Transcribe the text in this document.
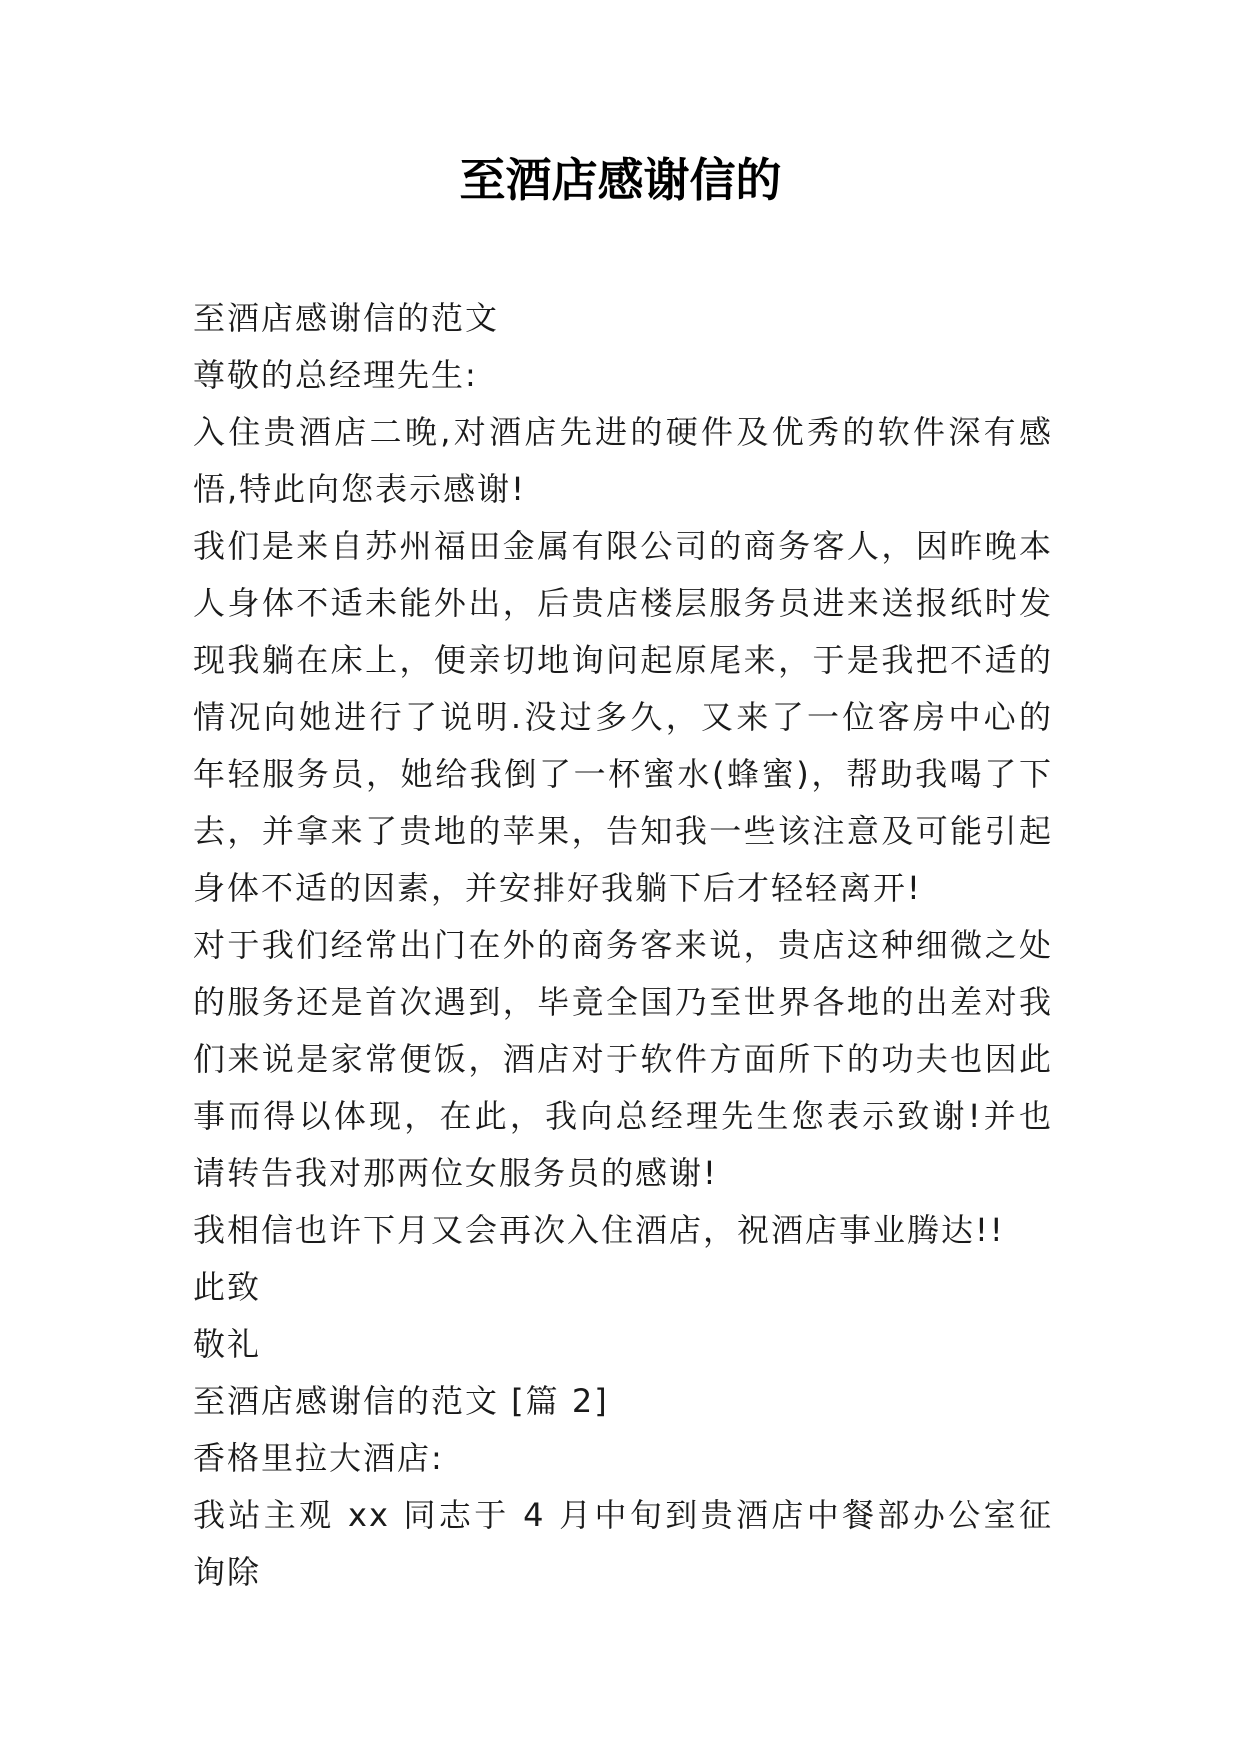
至酒店感谢信的

至酒店感谢信的范文

尊敬的总经理先生:

入住贵酒店二晚,对酒店先进的硬件及优秀的软件深有感悟,特此向您表示感谢!

我们是来自苏州福田金属有限公司的商务客人，因昨晚本人身体不适未能外出，后贵店楼层服务员进来送报纸时发现我躺在床上，便亲切地询问起原尾来，于是我把不适的情况向她进行了说明.没过多久，又来了一位客房中心的年轻服务员，她给我倒了一杯蜜水(蜂蜜)，帮助我喝了下去，并拿来了贵地的苹果，告知我一些该注意及可能引起身体不适的因素，并安排好我躺下后才轻轻离开!

对于我们经常出门在外的商务客来说，贵店这种细微之处的服务还是首次遇到，毕竟全国乃至世界各地的出差对我们来说是家常便饭，酒店对于软件方面所下的功夫也因此事而得以体现，在此，我向总经理先生您表示致谢!并也请转告我对那两位女服务员的感谢!

我相信也许下月又会再次入住酒店，祝酒店事业腾达!!

此致

敬礼

至酒店感谢信的范文 [篇 2]

香格里拉大酒店:

我站主观 xx 同志于 4 月中旬到贵酒店中餐部办公室征询除
